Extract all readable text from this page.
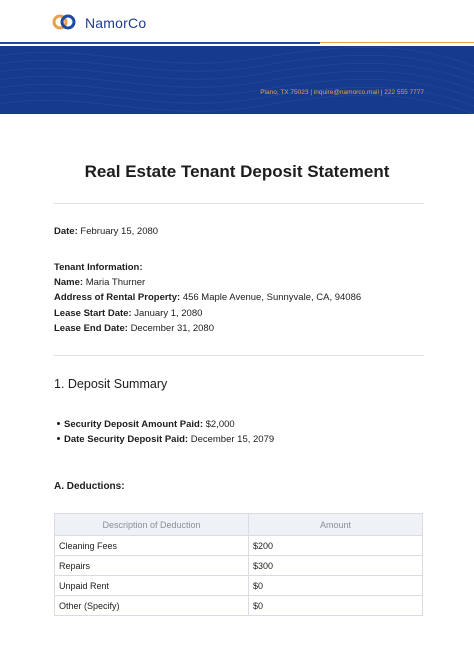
NamorCo
Plano, TX 75023 | inquire@namorco.mail | 222 555 7777
Real Estate Tenant Deposit Statement
Date: February 15, 2080
Tenant Information:
Name: Maria Thurner
Address of Rental Property: 456 Maple Avenue, Sunnyvale, CA, 94086
Lease Start Date: January 1, 2080
Lease End Date: December 31, 2080
1. Deposit Summary
Security Deposit Amount Paid: $2,000
Date Security Deposit Paid: December 15, 2079
A. Deductions:
Description of Deduction	Amount
Cleaning Fees	$200
Repairs	$300
Unpaid Rent	$0
Other (Specify)	$0
